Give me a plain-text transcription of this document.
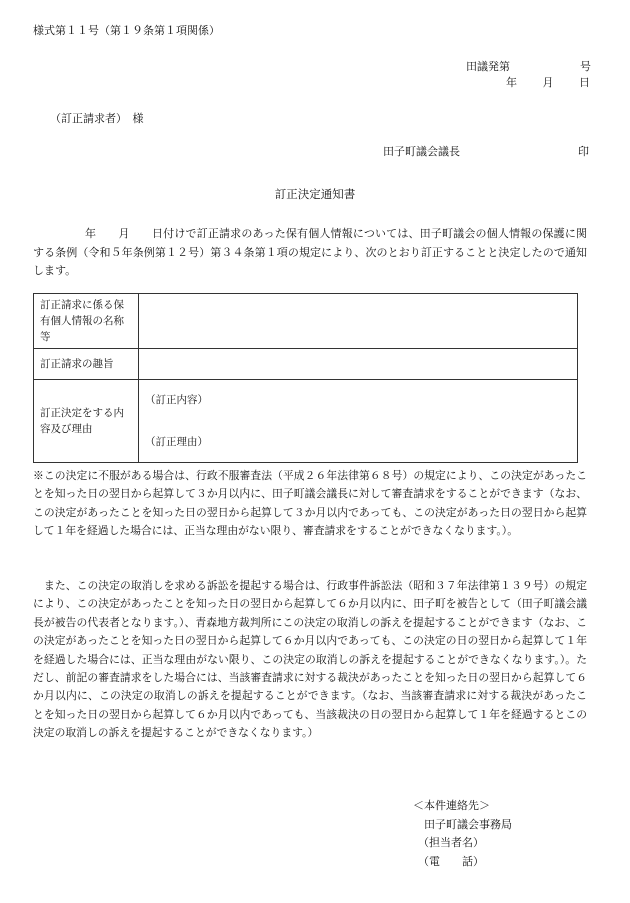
様式第１１号（第１９条第１項関係）
田議発第	号
年 月 日
（訂正請求者）　様
田子町議会議長	印
訂正決定通知書
年　　月　　日付けで訂正請求のあった保有個人情報については、田子町議会の個人情報の保護に関する条例（令和５年条例第１２号）第３４条第１項の規定により、次のとおり訂正することと決定したので通知します。
訂正請求に係る保有個人情報の名称等	
訂正請求の趣旨	
訂正決定をする内容及び理由	（訂正内容）
（訂正理由）
※この決定に不服がある場合は、行政不服審査法（平成２６年法律第６８号）の規定により、この決定があったことを知った日の翌日から起算して３か月以内に、田子町議会議長に対して審査請求をすることができます（なお、この決定があったことを知った日の翌日から起算して３か月以内であっても、この決定があった日の翌日から起算して１年を経過した場合には、正当な理由がない限り、審査請求をすることができなくなります。）。
また、この決定の取消しを求める訴訟を提起する場合は、行政事件訴訟法（昭和３７年法律第１３９号）の規定により、この決定があったことを知った日の翌日から起算して６か月以内に、田子町を被告として（田子町議会議長が被告の代表者となります。）、青森地方裁判所にこの決定の取消しの訴えを提起することができます（なお、この決定があったことを知った日の翌日から起算して６か月以内であっても、この決定の日の翌日から起算して１年を経過した場合には、正当な理由がない限り、この決定の取消しの訴えを提起することができなくなります。）。ただし、前記の審査請求をした場合には、当該審査請求に対する裁決があったことを知った日の翌日から起算して６か月以内に、この決定の取消しの訴えを提起することができます。（なお、当該審査請求に対する裁決があったことを知った日の翌日から起算して６か月以内であっても、当該裁決の日の翌日から起算して１年を経過するとこの決定の取消しの訴えを提起することができなくなります。）
＜本件連絡先＞
田子町議会事務局
（担当者名）
（電　　話）
